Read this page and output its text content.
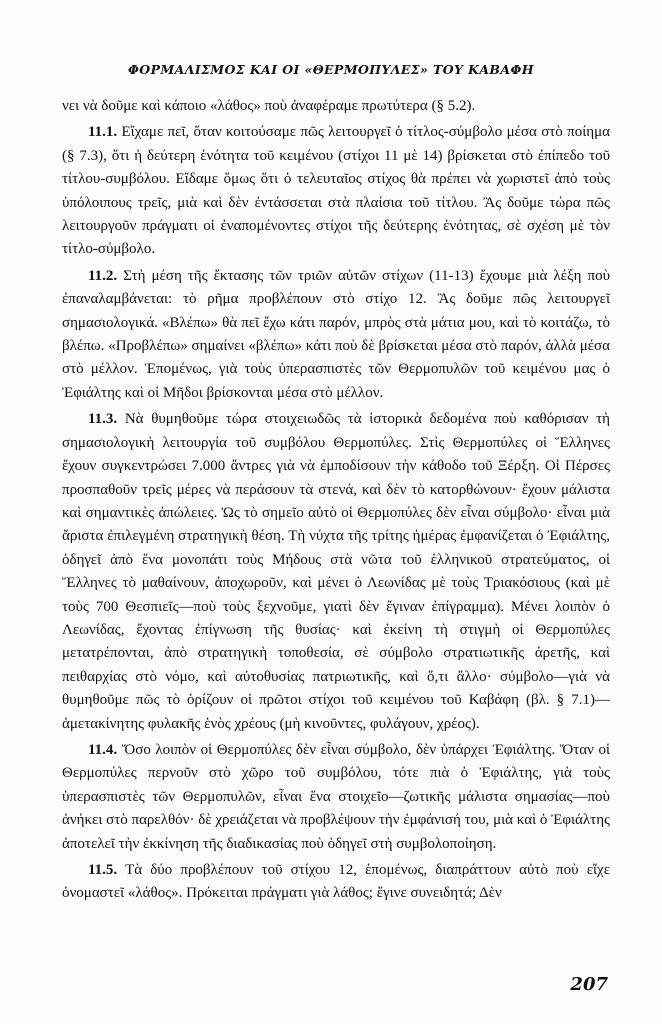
ΦΟΡΜΑΛΙΣΜΟΣ ΚΑΙ ΟΙ «ΘΕΡΜΟΠΥΛΕΣ» ΤΟΥ ΚΑΒΑΦΗ

νει νὰ δοῦμε καὶ κάποιο «λάθος» ποὺ ἀναφέραμε πρωτύτερα (§ 5.2).

11.1. Εἴχαμε πεῖ, ὅταν κοιτούσαμε πῶς λειτουργεῖ ὁ τίτλος-σύμβολο μέσα στὸ ποίημα (§ 7.3), ὅτι ἡ δεύτερη ἑνότητα τοῦ κειμένου (στίχοι 11 μὲ 14) βρίσκεται στὸ ἐπίπεδο τοῦ τίτλου-συμβόλου. Εἴδαμε ὅμως ὅτι ὁ τελευταῖος στίχος θὰ πρέπει νὰ χωριστεῖ ἀπὸ τοὺς ὑπόλοιπους τρεῖς, μιὰ καὶ δὲν ἐντάσσεται στὰ πλαίσια τοῦ τίτλου. Ἂς δοῦμε τώρα πῶς λειτουργοῦν πράγματι οἱ ἐναπομένοντες στίχοι τῆς δεύτερης ἑνότητας, σὲ σχέση μὲ τὸν τίτλο-σύμβολο.

11.2. Στὴ μέση τῆς ἔκτασης τῶν τριῶν αὐτῶν στίχων (11-13) ἔχουμε μιὰ λέξη ποὺ ἐπαναλαμβάνεται: τὸ ρῆμα προβλέπουν στὸ στίχο 12. Ἂς δοῦμε πῶς λειτουργεῖ σημασιολογικά. «Βλέπω» θὰ πεῖ ἔχω κάτι παρόν, μπρὸς στὰ μάτια μου, καὶ τὸ κοιτάζω, τὸ βλέπω. «Προβλέπω» σημαίνει «βλέπω» κάτι ποὺ δὲ βρίσκεται μέσα στὸ παρόν, ἀλλὰ μέσα στὸ μέλλον. Ἑπομένως, γιὰ τοὺς ὑπερασπιστὲς τῶν Θερμοπυλῶν τοῦ κειμένου μας ὁ Ἐφιάλτης καὶ οἱ Μῆδοι βρίσκονται μέσα στὸ μέλλον.

11.3. Νὰ θυμηθοῦμε τώρα στοιχειωδῶς τὰ ἱστορικὰ δεδομένα ποὺ καθόρισαν τὴ σημασιολογικὴ λειτουργία τοῦ συμβόλου Θερμοπύλες. Στὶς Θερμοπύλες οἱ Ἕλληνες ἔχουν συγκεντρώσει 7.000 ἄντρες γιὰ νὰ ἐμποδίσουν τὴν κάθοδο τοῦ Ξέρξη. Οἱ Πέρσες προσπαθοῦν τρεῖς μέρες νὰ περάσουν τὰ στενά, καὶ δὲν τὸ κατορθώνουν· ἔχουν μάλιστα καὶ σημαντικὲς ἀπώλειες. Ὡς τὸ σημεῖο αὐτὸ οἱ Θερμοπύλες δὲν εἶναι σύμβολο· εἶναι μιὰ ἄριστα ἐπιλεγμένη στρατηγικὴ θέση. Τὴ νύχτα τῆς τρίτης ἡμέρας ἐμφανίζεται ὁ Ἐφιάλτης, ὁδηγεῖ ἀπὸ ἕνα μονοπάτι τοὺς Μήδους στὰ νῶτα τοῦ ἑλληνικοῦ στρατεύματος, οἱ Ἕλληνες τὸ μαθαίνουν, ἀποχωροῦν, καὶ μένει ὁ Λεωνίδας μὲ τοὺς Τριακόσιους (καὶ μὲ τοὺς 700 Θεσπιεῖς—ποὺ τοὺς ξεχνοῦμε, γιατὶ δὲν ἔγιναν ἐπίγραμμα). Μένει λοιπὸν ὁ Λεωνίδας, ἔχοντας ἐπίγνωση τῆς θυσίας· καὶ ἐκείνη τὴ στιγμὴ οἱ Θερμοπύλες μετατρέπονται, ἀπὸ στρατηγικὴ τοποθεσία, σὲ σύμβολο στρατιωτικῆς ἀρετῆς, καὶ πειθαρχίας στὸ νόμο, καὶ αὐτοθυσίας πατριωτικῆς, καὶ ὅ,τι ἄλλο· σύμβολο—γιὰ νὰ θυμηθοῦμε πῶς τὸ ὁρίζουν οἱ πρῶτοι στίχοι τοῦ κειμένου τοῦ Καβάφη (βλ. § 7.1)—ἀμετακίνητης φυλακῆς ἑνὸς χρέους (μὴ κινοῦντες, φυλάγουν, χρέος).

11.4. Ὅσο λοιπὸν οἱ Θερμοπύλες δὲν εἶναι σύμβολο, δὲν ὑπάρχει Ἐφιάλτης. Ὅταν οἱ Θερμοπύλες περνοῦν στὸ χῶρο τοῦ συμβόλου, τότε πιὰ ὁ Ἐφιάλτης, γιὰ τοὺς ὑπερασπιστὲς τῶν Θερμοπυλῶν, εἶναι ἕνα στοιχεῖο—ζωτικῆς μάλιστα σημασίας—ποὺ ἀνήκει στὸ παρελθόν· δὲ χρειάζεται νὰ προβλέψουν τὴν ἐμφάνισή του, μιὰ καὶ ὁ Ἐφιάλτης ἀποτελεῖ τὴν ἐκκίνηση τῆς διαδικασίας ποὺ ὁδηγεῖ στὴ συμβολοποίηση.

11.5. Τὰ δύο προβλέπουν τοῦ στίχου 12, ἑπομένως, διαπράττουν αὐτὸ ποὺ εἴχε ὀνομαστεῖ «λάθος». Πρόκειται πράγματι γιὰ λάθος; ἔγινε συνειδητά; Δὲν

207
